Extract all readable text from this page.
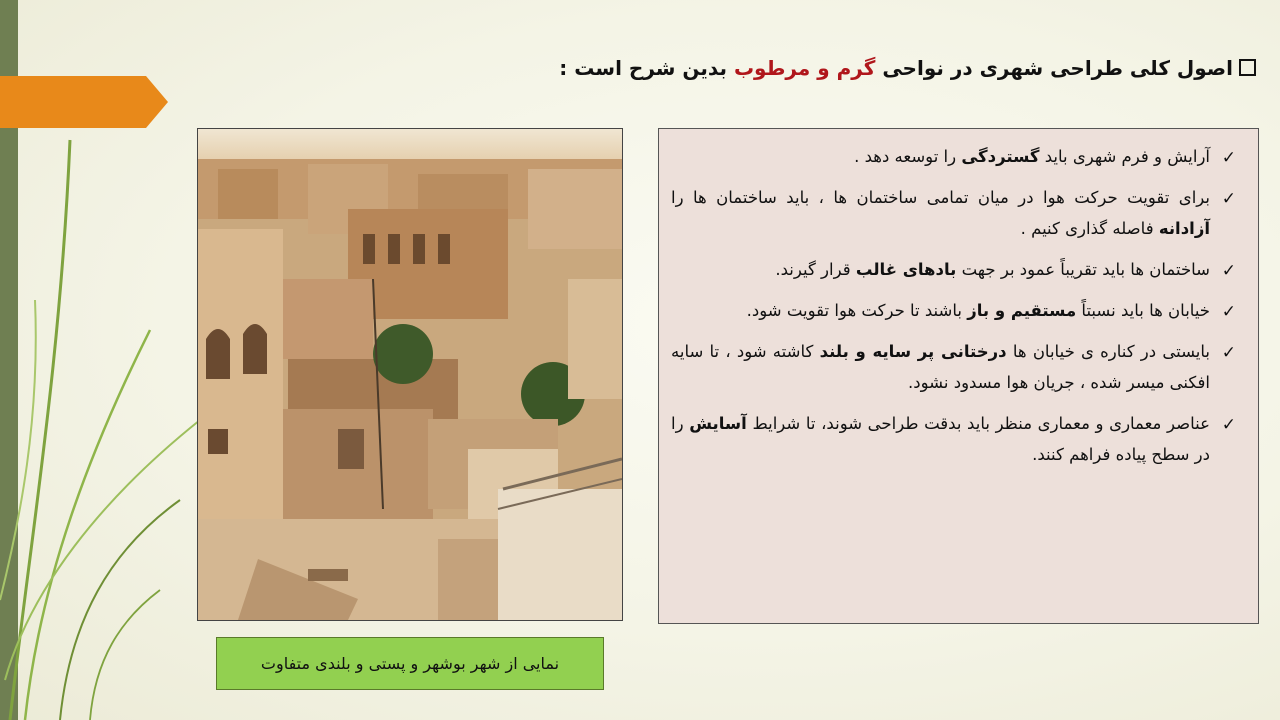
اصول کلی طراحی شهری در نواحی گرم و مرطوب بدین شرح است :
نمایی از شهر بوشهر و پستی و بلندی متفاوت
✓
آرایش و فرم شهری باید گستردگی را توسعه دهد .
✓
برای تقویت حرکت هوا در میان تمامی ساختمان ها ، باید ساختمان ها را آزادانه فاصله گذاری کنیم .
✓
ساختمان ها باید تقریباً عمود بر جهت بادهای غالب قرار گیرند.
✓
خیابان ها باید نسبتاً مستقیم و باز باشند تا حرکت هوا تقویت شود.
✓
بایستی در کناره ی خیابان ها درختانی پر سایه و بلند کاشته شود ، تا سایه افکنی میسر شده ، جریان هوا مسدود نشود.
✓
عناصر معماری و معماری منظر باید بدقت طراحی شوند، تا شرایط آسایش را در سطح پیاده فراهم کنند.
